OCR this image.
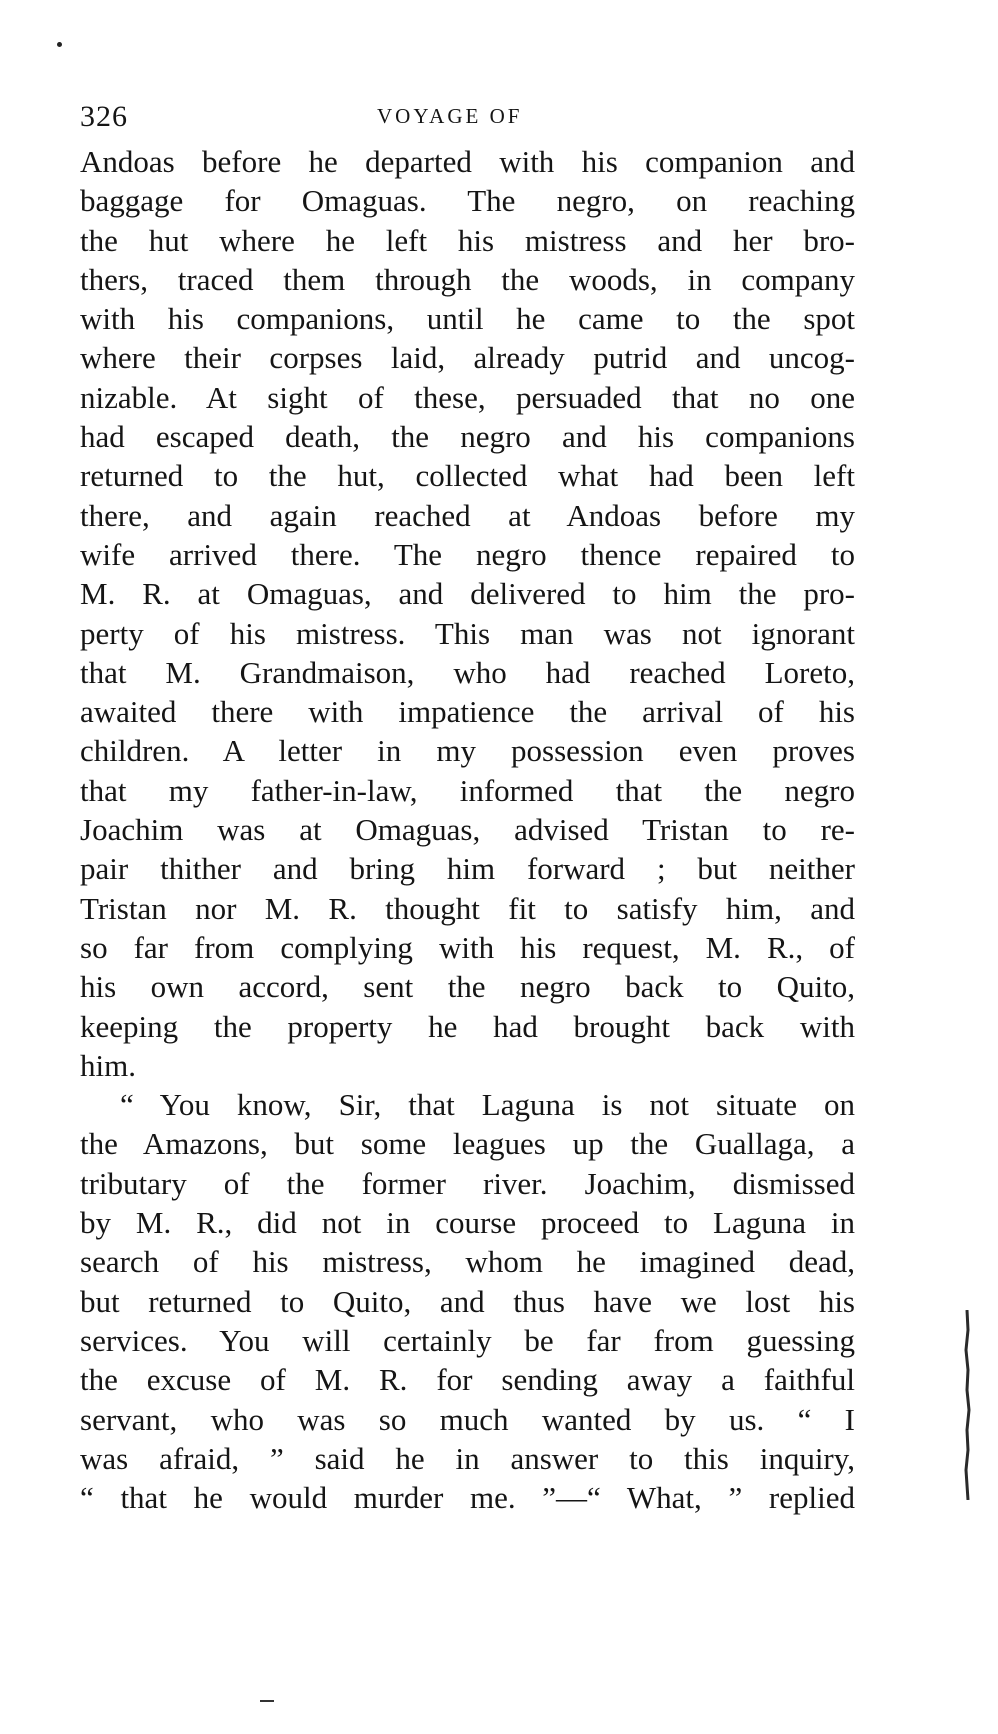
326	VOYAGE OF
Andoas before he departed with his companion and
baggage for Omaguas. The negro, on reaching
the hut where he left his mistress and her bro-
thers, traced them through the woods, in company
with his companions, until he came to the spot
where their corpses laid, already putrid and uncog-
nizable. At sight of these, persuaded that no one
had escaped death, the negro and his companions
returned to the hut, collected what had been left
there, and again reached at Andoas before my
wife arrived there. The negro thence repaired to
M. R. at Omaguas, and delivered to him the pro-
perty of his mistress. This man was not ignorant
that M. Grandmaison, who had reached Loreto,
awaited there with impatience the arrival of his
children. A letter in my possession even proves
that my father-in-law, informed that the negro
Joachim was at Omaguas, advised Tristan to re-
pair thither and bring him forward ; but neither
Tristan nor M. R. thought fit to satisfy him, and
so far from complying with his request, M. R., of
his own accord, sent the negro back to Quito,
keeping the property he had brought back with
him.
“ You know, Sir, that Laguna is not situate on
the Amazons, but some leagues up the Guallaga, a
tributary of the former river. Joachim, dismissed
by M. R., did not in course proceed to Laguna in
search of his mistress, whom he imagined dead,
but returned to Quito, and thus have we lost his
services. You will certainly be far from guessing
the excuse of M. R. for sending away a faithful
servant, who was so much wanted by us. “ I
was afraid, ” said he in answer to this inquiry,
“ that he would murder me. ”—“ What, ” replied
